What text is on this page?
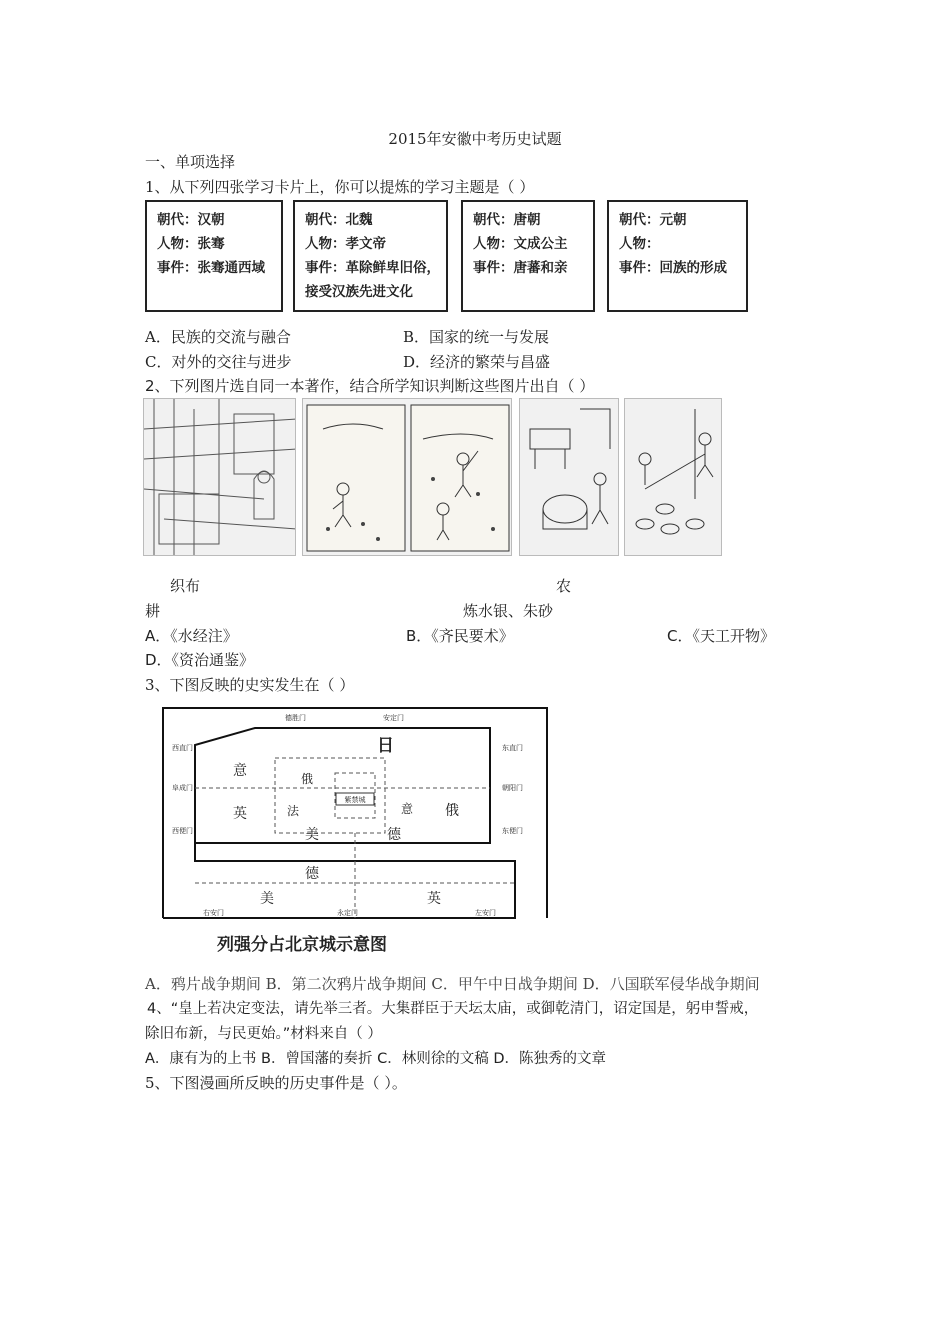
2015年安徽中考历史试题
一、单项选择
1、从下列四张学习卡片上，你可以提炼的学习主题是（ ）
朝代：汉朝
人物：张骞
事件：张骞通西域
朝代：北魏
人物：孝文帝
事件：革除鲜卑旧俗，
接受汉族先进文化
朝代：唐朝
人物：文成公主
事件：唐蕃和亲
朝代：元朝
人物：
事件：回族的形成
A．民族的交流与融合	B．国家的统一与发展
C．对外的交往与进步	D．经济的繁荣与昌盛
2、下列图片选自同一本著作，结合所学知识判断这些图片出自（ ）
织布	农
耕	炼水银、朱砂
A．《水经注》	B．《齐民要术》	C．《天工开物》
D．《资治通鉴》
3、下图反映的史实发生在（ ）
紫禁城
德胜门	安定门
西直门	东直门
阜成门	朝阳门
西便门	东便门
右安门	永定门	左安门
日
意	俄
英	法
美	德
意 俄
德
美	英
列强分占北京城示意图
A．鸦片战争期间 B．第二次鸦片战争期间 C．甲午中日战争期间 D．八国联军侵华战争期间
4、“皇上若决定变法，请先举三者。大集群臣于天坛太庙，或御乾清门，诏定国是，躬申誓戒，
除旧布新，与民更始。”材料来自（ ）
A．康有为的上书 B．曾国藩的奏折 C．林则徐的文稿 D．陈独秀的文章
5、下图漫画所反映的历史事件是（ ）。
